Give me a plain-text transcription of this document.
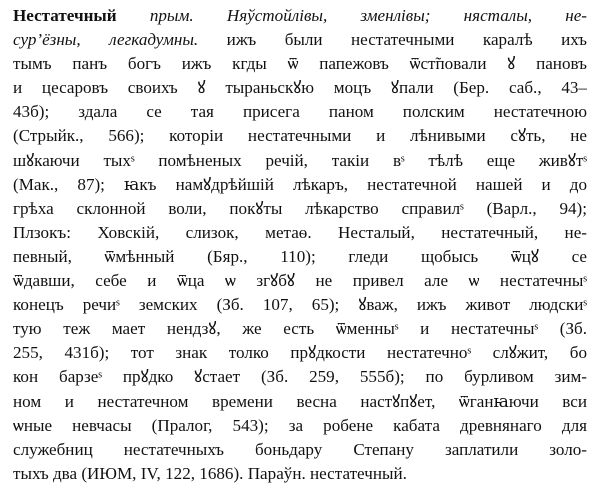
Нестатечный прым. Няўстойлівы, зменлівы; нясталы, не-
сур’ёзны, легкадумны. ижъ были нестатечными каралѣ ихъ
тымъ панъ богъ ижъ кгды ѿ папежовъ ѿст̃повали ꙋ пановъ
и цесаровъ своихъ ꙋ тыраньскꙋю моцъ ꙋпали (Бер. саб., 43–
43б); здала се тая присега паном полским нестатечною
(Стрыйк., 566); которіи нестатечными и лѣнивыми сꙋть, не
шꙋкаючи тыхˢ помѣненых речій, такіи вˢ тѣлѣ еще живꙋтˢ
(Мак., 87); ꙗкъ намꙋдрѣйшій лѣкаръ, нестатечной нашей и до
грѣха склонной воли, покꙋты лѣкарство справилˢ (Варл., 94);
Плзокъ: Ховскій, слизок, метаѳ. Несталый, нестатечный, не-
певный, ѿмѣнный (Бяр., 110); гледи щобысь ѿцꙋ се
ѿдавши, себе и ѿца ѡ згꙋбꙋ не привел але ѡ нестатечныˢ
конецъ речиˢ земских (Зб. 107, 65); ꙋваж, ижъ живот людскиˢ
тую теж мает нендзꙋ, же есть ѿменныˢ и нестатечныˢ (Зб.
255, 431б); тот знак толко прꙋдкости нестатечноˢ слꙋжит, бо
кон барзеˢ прꙋдко ꙋстает (Зб. 259, 555б); по бурливом зим-
ном и нестатечном времени весна настꙋпꙋет, ѿганꙗючи вси
ѡные невчасы (Пралог, 543); за робене кабата древнянаго для
служебниц нестатечныхъ боньдару Степану заплатили золо-
тыхъ два (ИЮМ, IV, 122, 1686). Параўн. нестатечный.
